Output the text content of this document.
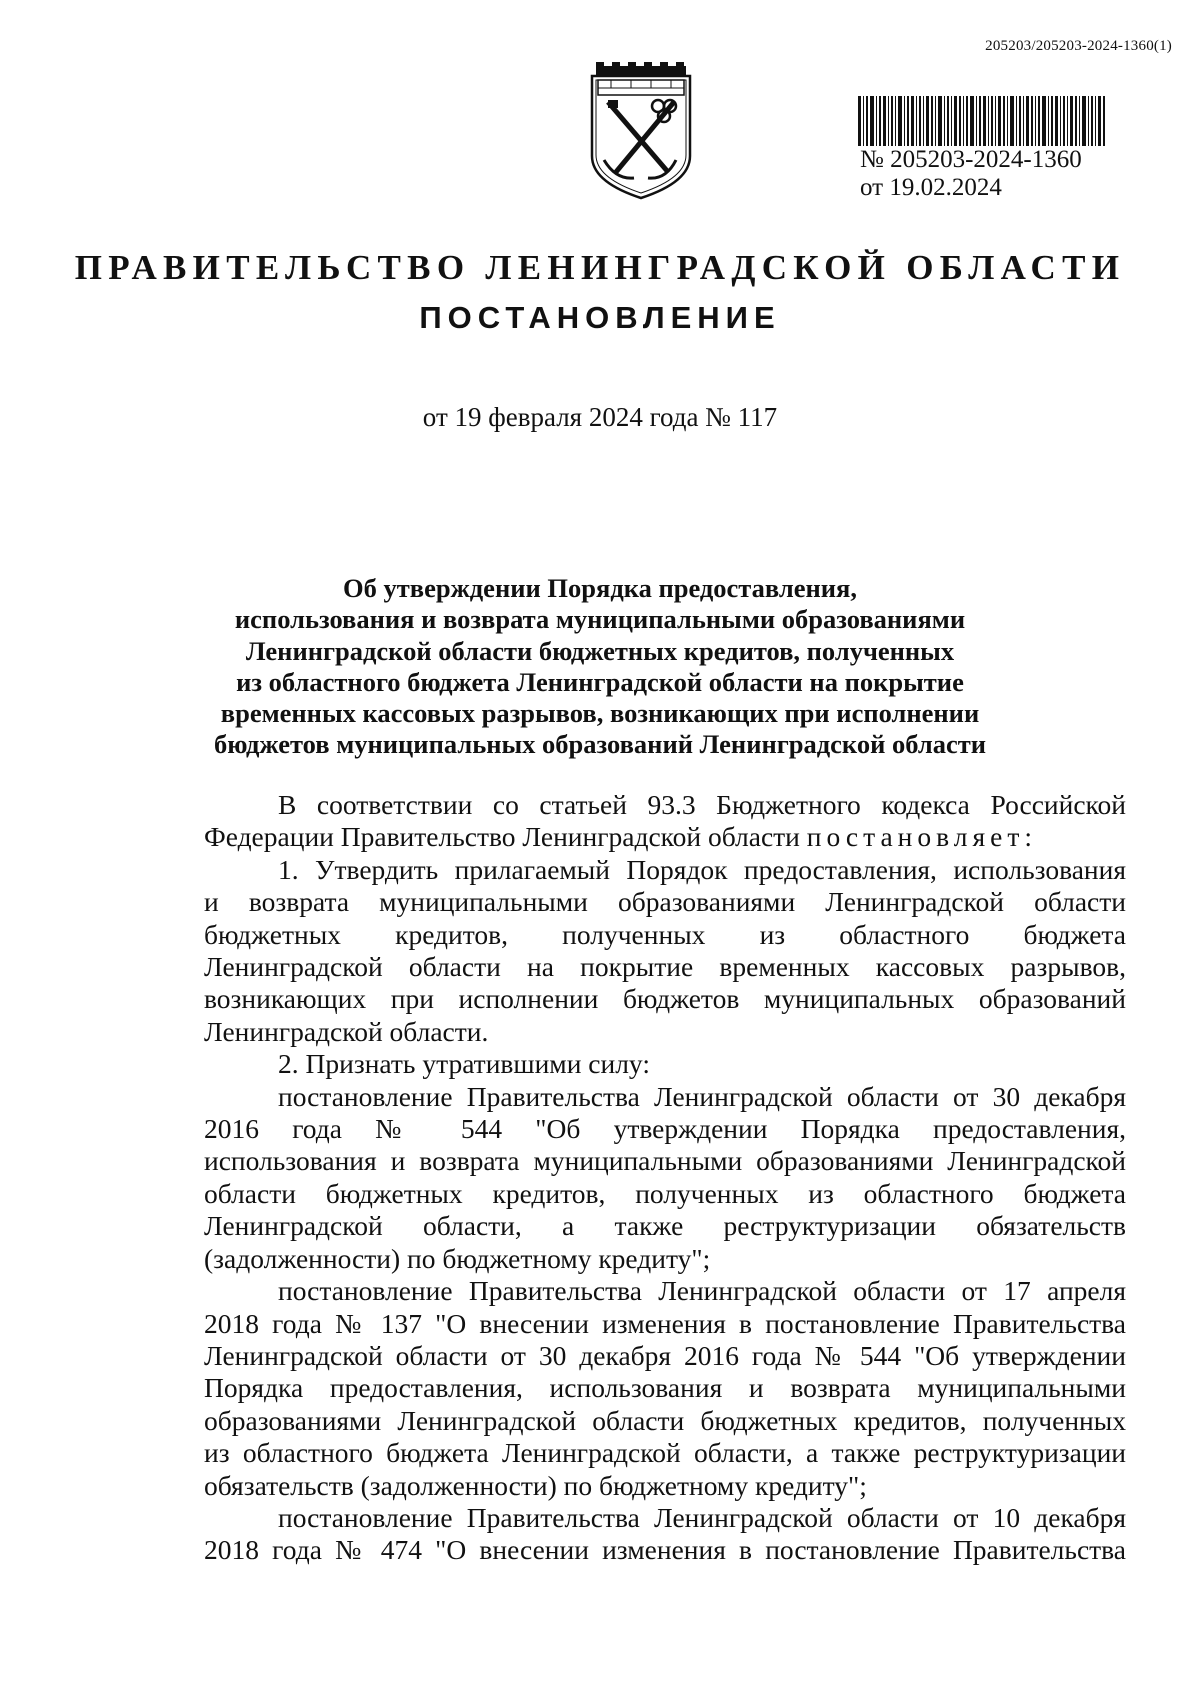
205203/205203-2024-1360(1)
№ 205203-2024-1360
от 19.02.2024
ПРАВИТЕЛЬСТВО ЛЕНИНГРАДСКОЙ ОБЛАСТИ
ПОСТАНОВЛЕНИЕ
от 19 февраля 2024 года № 117
Об утверждении Порядка предоставления,
использования и возврата муниципальными образованиями
Ленинградской области бюджетных кредитов, полученных
из областного бюджета Ленинградской области на покрытие
временных кассовых разрывов, возникающих при исполнении
бюджетов муниципальных образований Ленинградской области
В соответствии со статьей 93.3 Бюджетного кодекса Российской
Федерации Правительство Ленинградской области постановляет:
1. Утвердить прилагаемый Порядок предоставления, использования
и возврата муниципальными образованиями Ленинградской области
бюджетных кредитов, полученных из областного бюджета
Ленинградской области на покрытие временных кассовых разрывов,
возникающих при исполнении бюджетов муниципальных образований
Ленинградской области.
2. Признать утратившими силу:
постановление Правительства Ленинградской области от 30 декабря
2016 года № 544 "Об утверждении Порядка предоставления,
использования и возврата муниципальными образованиями Ленинградской
области бюджетных кредитов, полученных из областного бюджета
Ленинградской области, а также реструктуризации обязательств
(задолженности) по бюджетному кредиту";
постановление Правительства Ленинградской области от 17 апреля
2018 года № 137 "О внесении изменения в постановление Правительства
Ленинградской области от 30 декабря 2016 года № 544 "Об утверждении
Порядка предоставления, использования и возврата муниципальными
образованиями Ленинградской области бюджетных кредитов, полученных
из областного бюджета Ленинградской области, а также реструктуризации
обязательств (задолженности) по бюджетному кредиту";
постановление Правительства Ленинградской области от 10 декабря
2018 года № 474 "О внесении изменения в постановление Правительства
